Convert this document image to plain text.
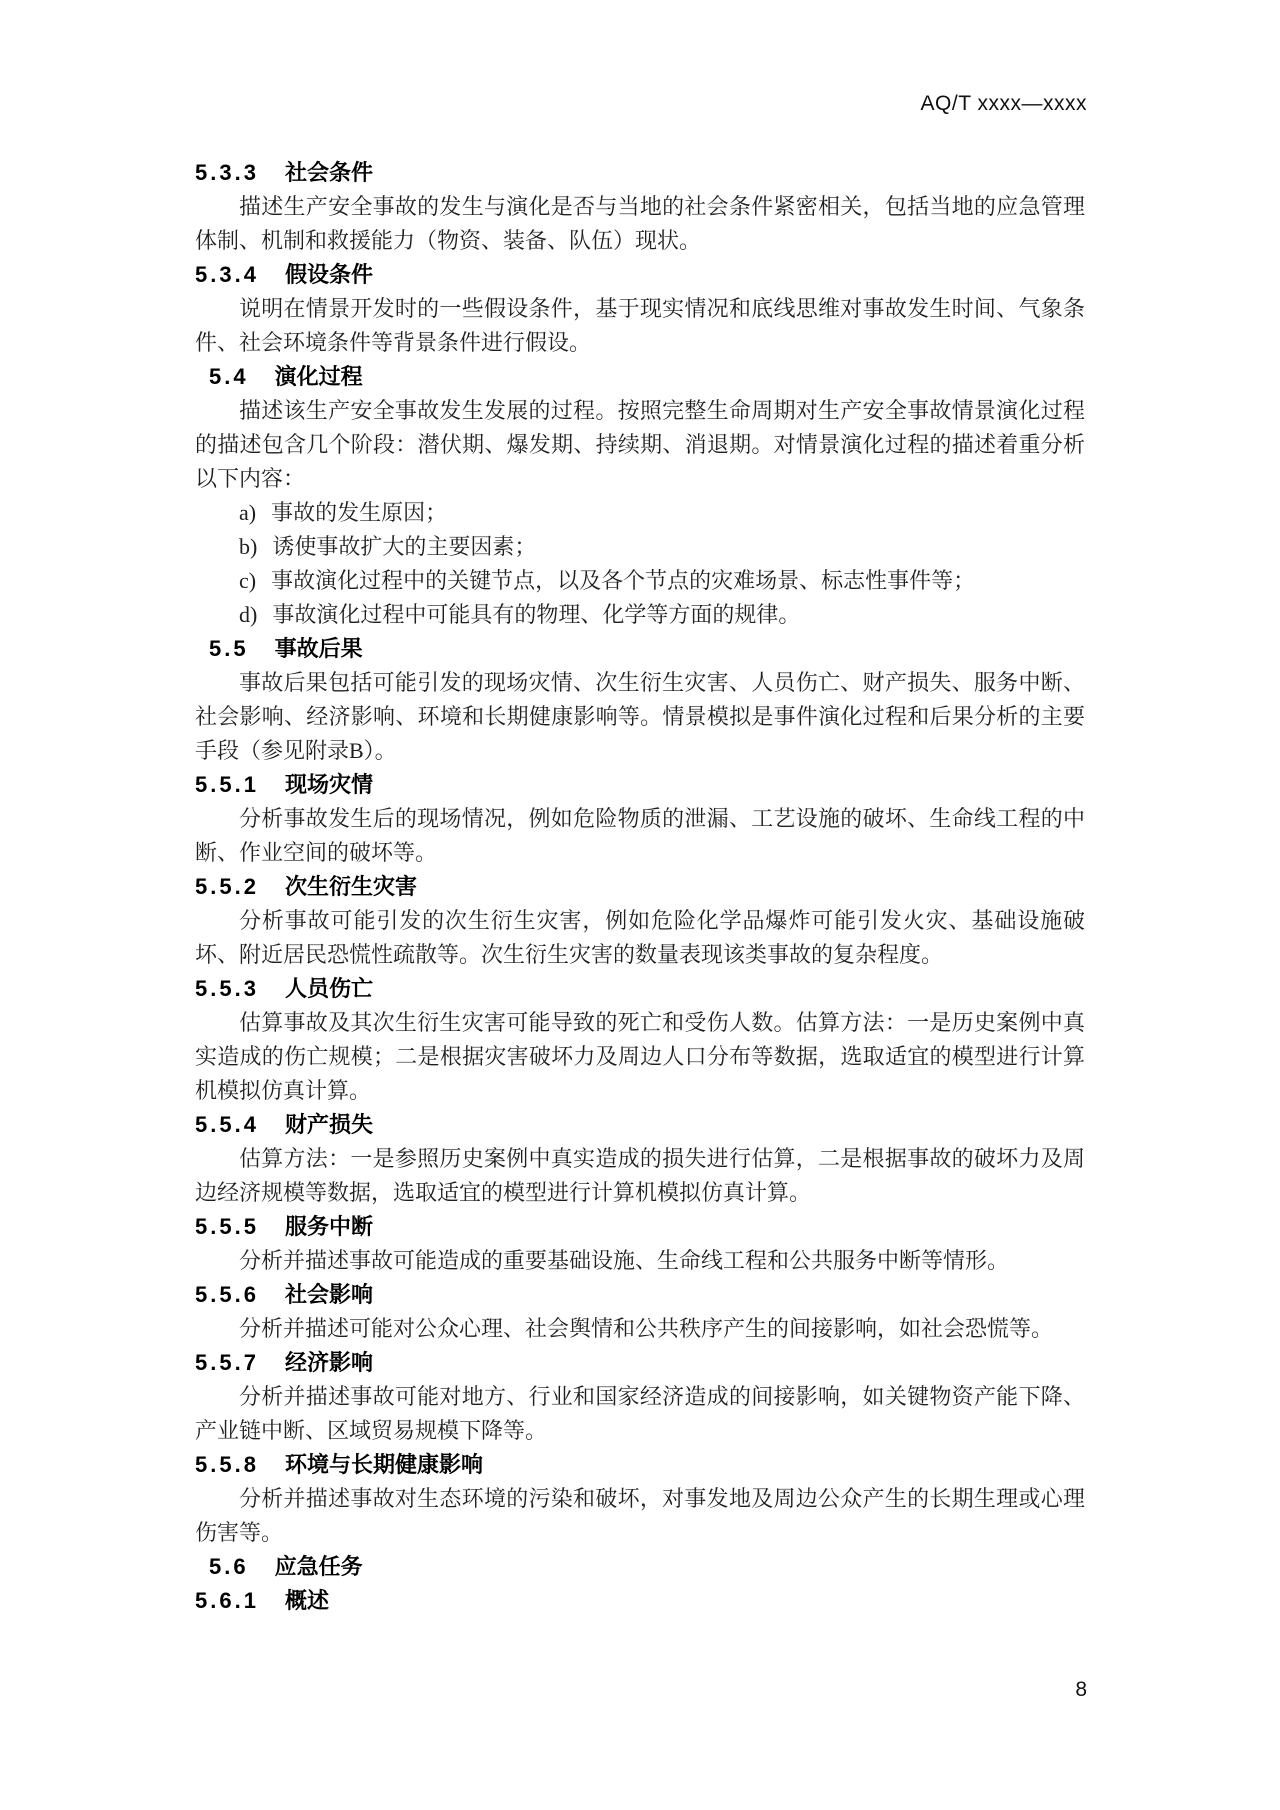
AQ/T xxxx—xxxx
5.3.3 社会条件

描述生产安全事故的发生与演化是否与当地的社会条件紧密相关，包括当地的应急管理体制、机制和救援能力（物资、装备、队伍）现状。

5.3.4 假设条件

说明在情景开发时的一些假设条件，基于现实情况和底线思维对事故发生时间、气象条件、社会环境条件等背景条件进行假设。

5.4 演化过程

描述该生产安全事故发生发展的过程。按照完整生命周期对生产安全事故情景演化过程的描述包含几个阶段：潜伏期、爆发期、持续期、消退期。对情景演化过程的描述着重分析以下内容：

a) 事故的发生原因；
b) 诱使事故扩大的主要因素；
c) 事故演化过程中的关键节点，以及各个节点的灾难场景、标志性事件等；
d) 事故演化过程中可能具有的物理、化学等方面的规律。
5.5 事故后果

事故后果包括可能引发的现场灾情、次生衍生灾害、人员伤亡、财产损失、服务中断、社会影响、经济影响、环境和长期健康影响等。情景模拟是事件演化过程和后果分析的主要手段（参见附录B）。

5.5.1 现场灾情

分析事故发生后的现场情况，例如危险物质的泄漏、工艺设施的破坏、生命线工程的中断、作业空间的破坏等。

5.5.2 次生衍生灾害

分析事故可能引发的次生衍生灾害，例如危险化学品爆炸可能引发火灾、基础设施破坏、附近居民恐慌性疏散等。次生衍生灾害的数量表现该类事故的复杂程度。

5.5.3 人员伤亡

估算事故及其次生衍生灾害可能导致的死亡和受伤人数。估算方法：一是历史案例中真实造成的伤亡规模；二是根据灾害破坏力及周边人口分布等数据，选取适宜的模型进行计算机模拟仿真计算。

5.5.4 财产损失

估算方法：一是参照历史案例中真实造成的损失进行估算，二是根据事故的破坏力及周边经济规模等数据，选取适宜的模型进行计算机模拟仿真计算。

5.5.5 服务中断

分析并描述事故可能造成的重要基础设施、生命线工程和公共服务中断等情形。

5.5.6 社会影响

分析并描述可能对公众心理、社会舆情和公共秩序产生的间接影响，如社会恐慌等。

5.5.7 经济影响

分析并描述事故可能对地方、行业和国家经济造成的间接影响，如关键物资产能下降、产业链中断、区域贸易规模下降等。

5.5.8 环境与长期健康影响

分析并描述事故对生态环境的污染和破坏，对事发地及周边公众产生的长期生理或心理伤害等。

5.6 应急任务
5.6.1 概述
8
